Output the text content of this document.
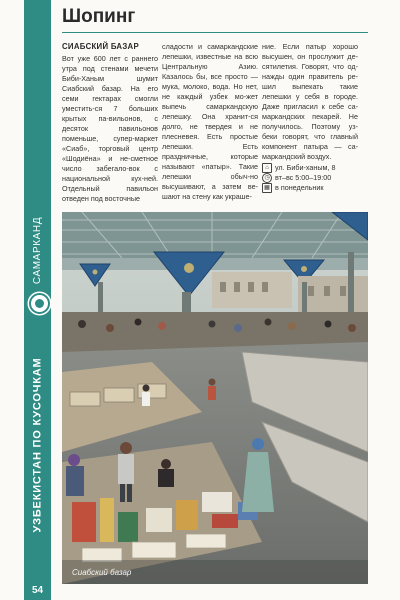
САМАРКАНД
УЗБЕКИСТАН ПО КУСОЧКАМ
54
Шопинг
СИАБСКИЙ БАЗАР

Вот уже 600 лет с раннего утра под стенами мечети Биби-Ханым шумит Сиабский базар. На его семи гектарах смогли уместить-ся 7 больших крытых па-вильонов, с десяток павильонов поменьше, супер-маркет «Сиаб», торговый центр «Шодиёна» и не-сметное число забегало-вок с национальной кух-ней. Отдельный павильон отведен под восточные

сладости и самаркандские лепешки, известные на всю Центральную Азию. Казалось бы, все просто — мука, молоко, вода. Но нет, не каждый узбек мо-жет выпечь самаркандскую лепешку. Она хранит-ся долго, не твердея и не плесневея. Есть простые лепешки. Есть праздничные, которые называют «патыр». Такие лепешки обыч-но высушивают, а затем ве-шают на стену как украше-

ние. Если патыр хорошо высушен, он прослужит де-сятилетия. Говорят, что од-нажды один правитель ре-шил выпекать такие лепешки у себя в городе. Даже пригласил к себе са-маркандских пекарей. Не получилось. Поэтому уз-беки говорят, что главный компонент патыра — са-маркандский воздух.

⌂ ул. Биби-ханым, 8
◷ вт–вс 5:00–19:00
▦ в понедельник
Сиабский базар
